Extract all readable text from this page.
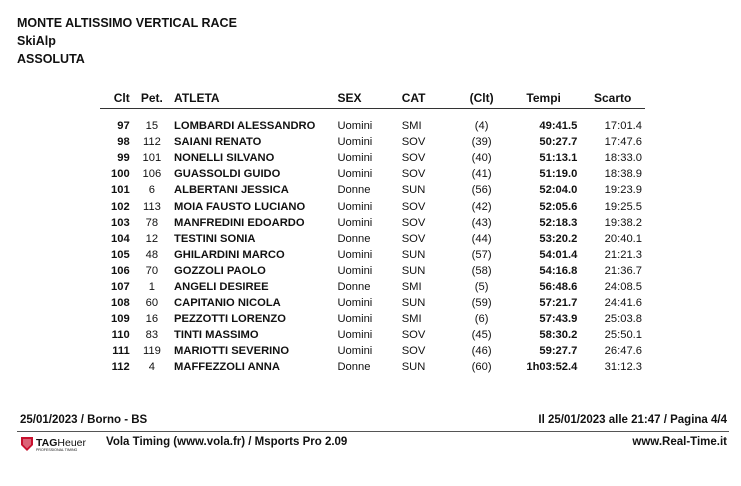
MONTE ALTISSIMO VERTICAL RACE
SkiAlp
ASSOLUTA
Clt	Pet.	ATLETA	SEX	CAT	(Clt)	Tempi	Scarto

97	15	LOMBARDI ALESSANDRO	Uomini	SMI	(4)	49:41.5	17:01.4
98	112	SAIANI RENATO	Uomini	SOV	(39)	50:27.7	17:47.6
99	101	NONELLI SILVANO	Uomini	SOV	(40)	51:13.1	18:33.0
100	106	GUASSOLDI GUIDO	Uomini	SOV	(41)	51:19.0	18:38.9
101	6	ALBERTANI JESSICA	Donne	SUN	(56)	52:04.0	19:23.9
102	113	MOIA FAUSTO LUCIANO	Uomini	SOV	(42)	52:05.6	19:25.5
103	78	MANFREDINI EDOARDO	Uomini	SOV	(43)	52:18.3	19:38.2
104	12	TESTINI SONIA	Donne	SOV	(44)	53:20.2	20:40.1
105	48	GHILARDINI MARCO	Uomini	SUN	(57)	54:01.4	21:21.3
106	70	GOZZOLI PAOLO	Uomini	SUN	(58)	54:16.8	21:36.7
107	1	ANGELI DESIREE	Donne	SMI	(5)	56:48.6	24:08.5
108	60	CAPITANIO NICOLA	Uomini	SUN	(59)	57:21.7	24:41.6
109	16	PEZZOTTI LORENZO	Uomini	SMI	(6)	57:43.9	25:03.8
110	83	TINTI MASSIMO	Uomini	SOV	(45)	58:30.2	25:50.1
111	119	MARIOTTI SEVERINO	Uomini	SOV	(46)	59:27.7	26:47.6
112	4	MAFFEZZOLI ANNA	Donne	SUN	(60)	1h03:52.4	31:12.3
25/01/2023 / Borno - BS	Il 25/01/2023 alle 21:47 / Pagina 4/4
TAGHeuer
PROFESSIONAL TIMING
Vola Timing (www.vola.fr) / Msports Pro 2.09	www.Real-Time.it
